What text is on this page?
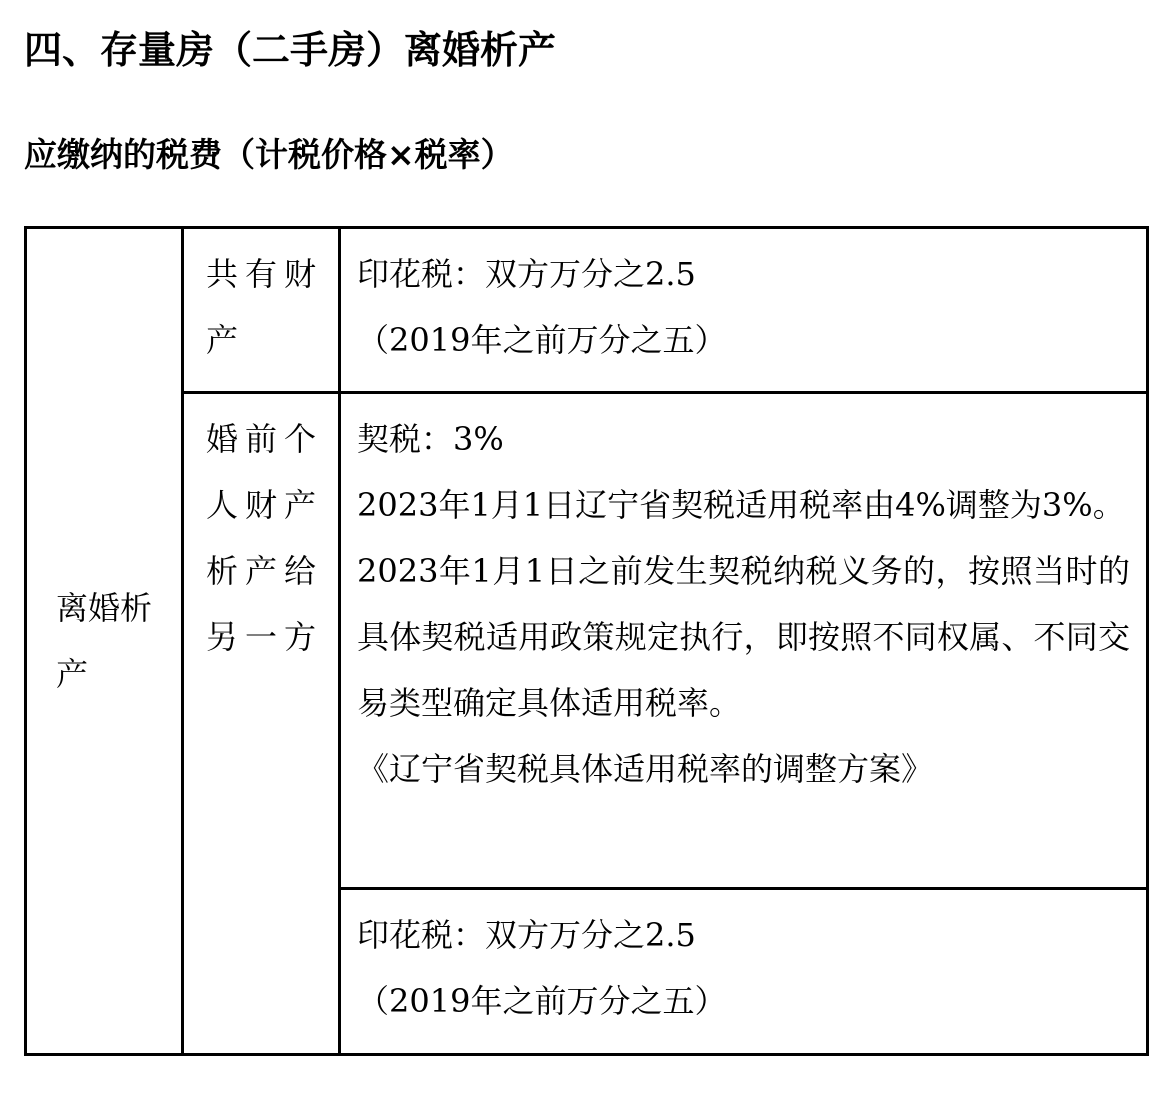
四、存量房（二手房）离婚析产
应缴纳的税费（计税价格×税率）
离婚析产	共有财产	印花税：双方万分之2.5
（2019年之前万分之五）

	婚前个人财产析产给另一方	契税：3%
2023年1月1日辽宁省契税适用税率由4%调整为3%。
2023年1月1日之前发生契税纳税义务的，按照当时的具体契税适用政策规定执行，即按照不同权属、不同交易类型确定具体适用税率。
《辽宁省契税具体适用税率的调整方案》

		印花税：双方万分之2.5
（2019年之前万分之五）
